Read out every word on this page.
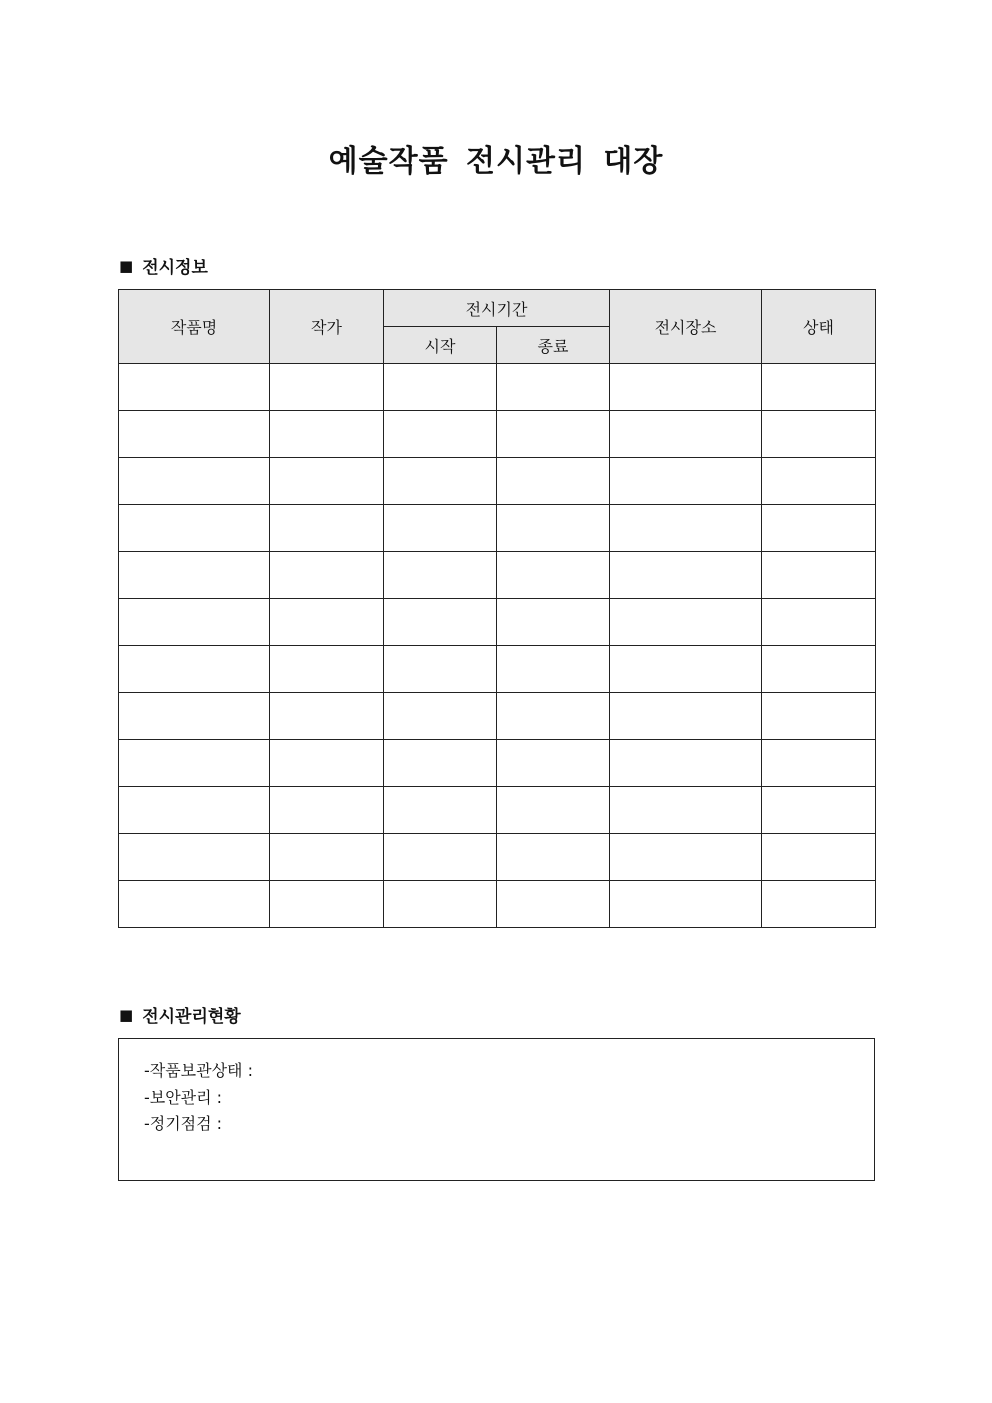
예술작품 전시관리 대장
■ 전시정보
작품명	작가	전시기간		전시장소	상태
		시작	종료		

■ 전시관리현황
-작품보관상태 :
-보안관리 :
-정기점검 :
